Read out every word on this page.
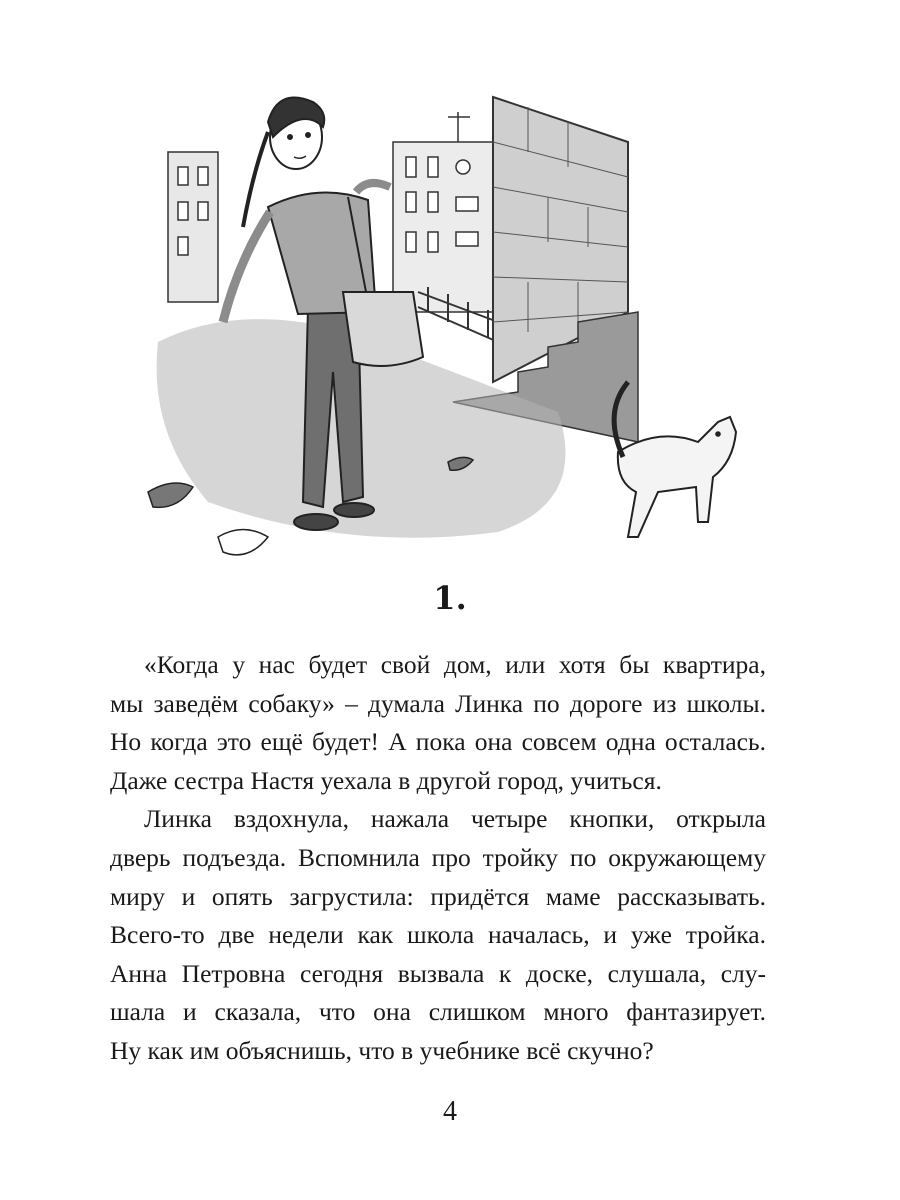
1.
«Когда у нас будет свой дом, или хотя бы квартира,
мы заведём собаку» – думала Линка по дороге из школы.
Но когда это ещё будет! А пока она совсем одна осталась.
Даже сестра Настя уехала в другой город, учиться.
Линка вздохнула, нажала четыре кнопки, открыла
дверь подъезда. Вспомнила про тройку по окружающему
миру и опять загрустила: придётся маме рассказывать.
Всего-то две недели как школа началась, и уже тройка.
Анна Петровна сегодня вызвала к доске, слушала, слу-
шала и сказала, что она слишком много фантазирует.
Ну как им объяснишь, что в учебнике всё скучно?
4
